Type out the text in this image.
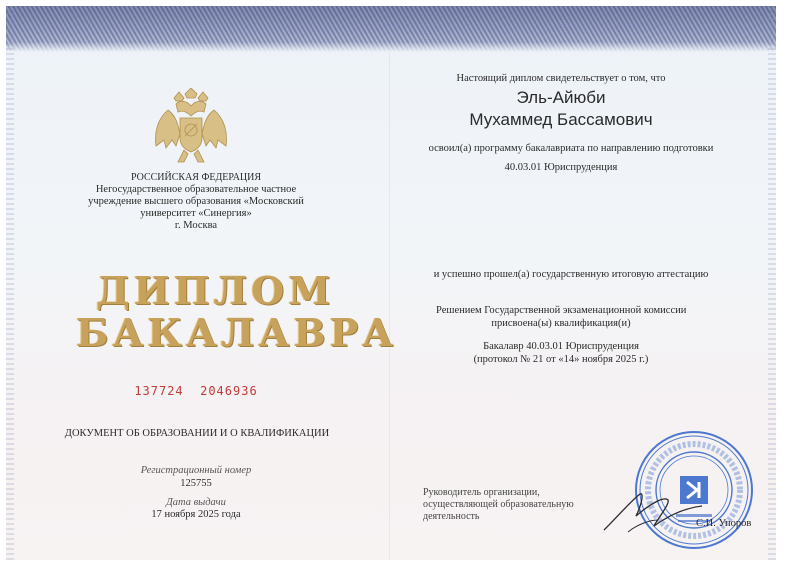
РОССИЙСКАЯ ФЕДЕРАЦИЯ
Негосударственное образовательное частное
учреждение высшего образования «Московский
университет «Синергия»
г. Москва
ДИПЛОМ
БАКАЛАВРА
137724  2046936
ДОКУМЕНТ ОБ ОБРАЗОВАНИИ И О КВАЛИФИКАЦИИ
Регистрационный номер
125755
Дата выдачи
17 ноября 2025 года
Настоящий диплом свидетельствует о том, что
Эль-Айюби
Мухаммед Бассамович
освоил(а) программу бакалавриата по направлению подготовки
40.03.01 Юриспруденция
и успешно прошел(а) государственную итоговую аттестацию
Решением Государственной экзаменационной комиссии
присвоена(ы) квалификация(и)
Бакалавр 40.03.01 Юриспруденция
(протокол № 21 от «14» ноября 2025 г.)
Руководитель организации,
осуществляющей образовательную
деятельность
С.И. Упоров
